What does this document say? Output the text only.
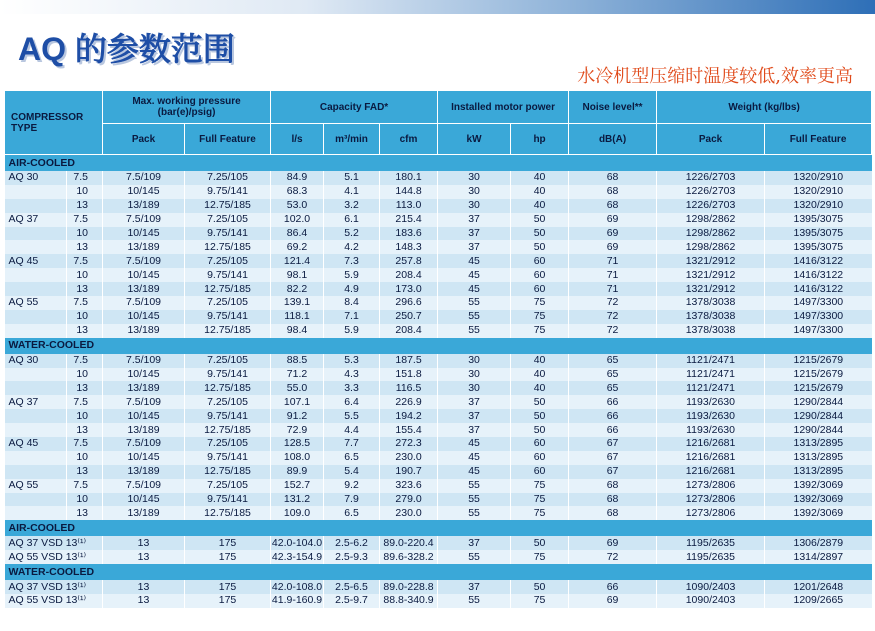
AQ 的参数范围
水冷机型压缩时温度较低,效率更高
COMPRESSOR TYPE		Max. working pressure (bar(e)/psig)		Capacity FAD*			Installed motor power		Noise level**	Weight (kg/lbs)	
		Pack	Full Feature	l/s	m³/min	cfm	kW	hp	dB(A)	Pack	Full Feature
AIR-COOLED											
AQ 30	7.5	7.5/109	7.25/105	84.9	5.1	180.1	30	40	68	1226/2703	1320/2910
	10	10/145	9.75/141	68.3	4.1	144.8	30	40	68	1226/2703	1320/2910
	13	13/189	12.75/185	53.0	3.2	113.0	30	40	68	1226/2703	1320/2910
AQ 37	7.5	7.5/109	7.25/105	102.0	6.1	215.4	37	50	69	1298/2862	1395/3075
	10	10/145	9.75/141	86.4	5.2	183.6	37	50	69	1298/2862	1395/3075
	13	13/189	12.75/185	69.2	4.2	148.3	37	50	69	1298/2862	1395/3075
AQ 45	7.5	7.5/109	7.25/105	121.4	7.3	257.8	45	60	71	1321/2912	1416/3122
	10	10/145	9.75/141	98.1	5.9	208.4	45	60	71	1321/2912	1416/3122
	13	13/189	12.75/185	82.2	4.9	173.0	45	60	71	1321/2912	1416/3122
AQ 55	7.5	7.5/109	7.25/105	139.1	8.4	296.6	55	75	72	1378/3038	1497/3300
	10	10/145	9.75/141	118.1	7.1	250.7	55	75	72	1378/3038	1497/3300
	13	13/189	12.75/185	98.4	5.9	208.4	55	75	72	1378/3038	1497/3300
WATER-COOLED											
AQ 30	7.5	7.5/109	7.25/105	88.5	5.3	187.5	30	40	65	1121/2471	1215/2679
	10	10/145	9.75/141	71.2	4.3	151.8	30	40	65	1121/2471	1215/2679
	13	13/189	12.75/185	55.0	3.3	116.5	30	40	65	1121/2471	1215/2679
AQ 37	7.5	7.5/109	7.25/105	107.1	6.4	226.9	37	50	66	1193/2630	1290/2844
	10	10/145	9.75/141	91.2	5.5	194.2	37	50	66	1193/2630	1290/2844
	13	13/189	12.75/185	72.9	4.4	155.4	37	50	66	1193/2630	1290/2844
AQ 45	7.5	7.5/109	7.25/105	128.5	7.7	272.3	45	60	67	1216/2681	1313/2895
	10	10/145	9.75/141	108.0	6.5	230.0	45	60	67	1216/2681	1313/2895
	13	13/189	12.75/185	89.9	5.4	190.7	45	60	67	1216/2681	1313/2895
AQ 55	7.5	7.5/109	7.25/105	152.7	9.2	323.6	55	75	68	1273/2806	1392/3069
	10	10/145	9.75/141	131.2	7.9	279.0	55	75	68	1273/2806	1392/3069
	13	13/189	12.75/185	109.0	6.5	230.0	55	75	68	1273/2806	1392/3069
AIR-COOLED											
AQ 37 VSD 13⁽¹⁾		13	175	42.0-104.0	2.5-6.2	89.0-220.4	37	50	69	1195/2635	1306/2879
AQ 55 VSD 13⁽¹⁾		13	175	42.3-154.9	2.5-9.3	89.6-328.2	55	75	72	1195/2635	1314/2897
WATER-COOLED											
AQ 37 VSD 13⁽¹⁾		13	175	42.0-108.0	2.5-6.5	89.0-228.8	37	50	66	1090/2403	1201/2648
AQ 55 VSD 13⁽¹⁾		13	175	41.9-160.9	2.5-9.7	88.8-340.9	55	75	69	1090/2403	1209/2665
